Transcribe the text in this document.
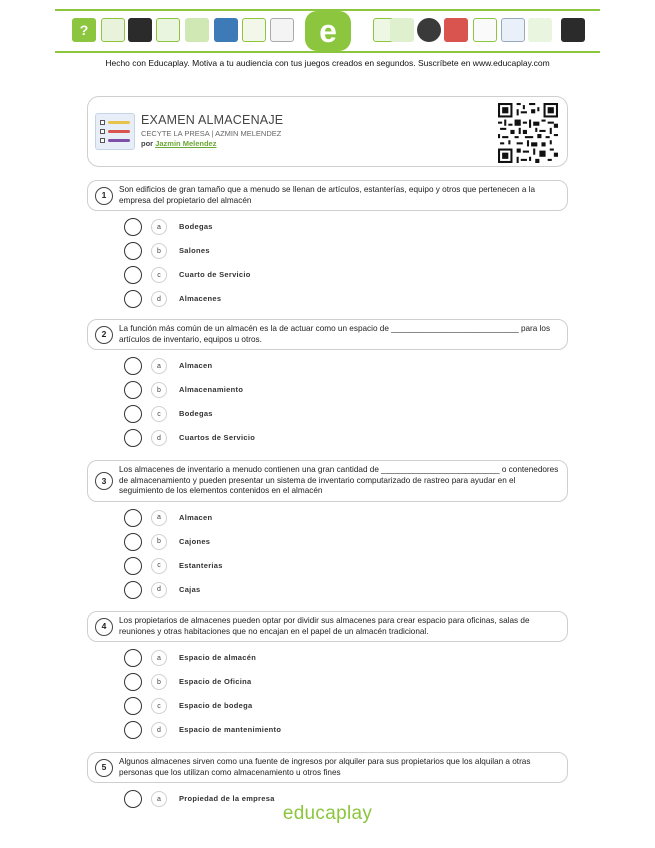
?	e
Hecho con Educaplay. Motiva a tu audiencia con tus juegos creados en segundos. Suscríbete en www.educaplay.com
EXAMEN ALMACENAJE
CECYTE LA PRESA | AZMIN MELENDEZ
por Jazmin Melendez
1
Son edificios de gran tamaño que a menudo se llenan de artículos, estanterías, equipo y otros que pertenecen a la empresa del propietario del almacén
a	Bodegas
b	Salones
c	Cuarto de Servicio
d	Almacenes
2
La función más común de un almacén es la de actuar como un espacio de ____________________________ para los artículos de inventario, equipos u otros.
a	Almacen
b	Almacenamiento
c	Bodegas
d	Cuartos de Servicio
3
Los almacenes de inventario a menudo contienen una gran cantidad de __________________________ o contenedores de almacenamiento y pueden presentar un sistema de inventario computarizado de rastreo para ayudar en el seguimiento de los elementos contenidos en el almacén
a	Almacen
b	Cajones
c	Estanterias
d	Cajas
4
Los propietarios de almacenes pueden optar por dividir sus almacenes para crear espacio para oficinas, salas de reuniones y otras habitaciones que no encajan en el papel de un almacén tradicional.
a	Espacio de almacén
b	Espacio de Oficina
c	Espacio de bodega
d	Espacio de mantenimiento
5
Algunos almacenes sirven como una fuente de ingresos por alquiler para sus propietarios que los alquilan a otras personas que los utilizan como almacenamiento u otros fines
a	Propiedad de la empresa
educaplay
